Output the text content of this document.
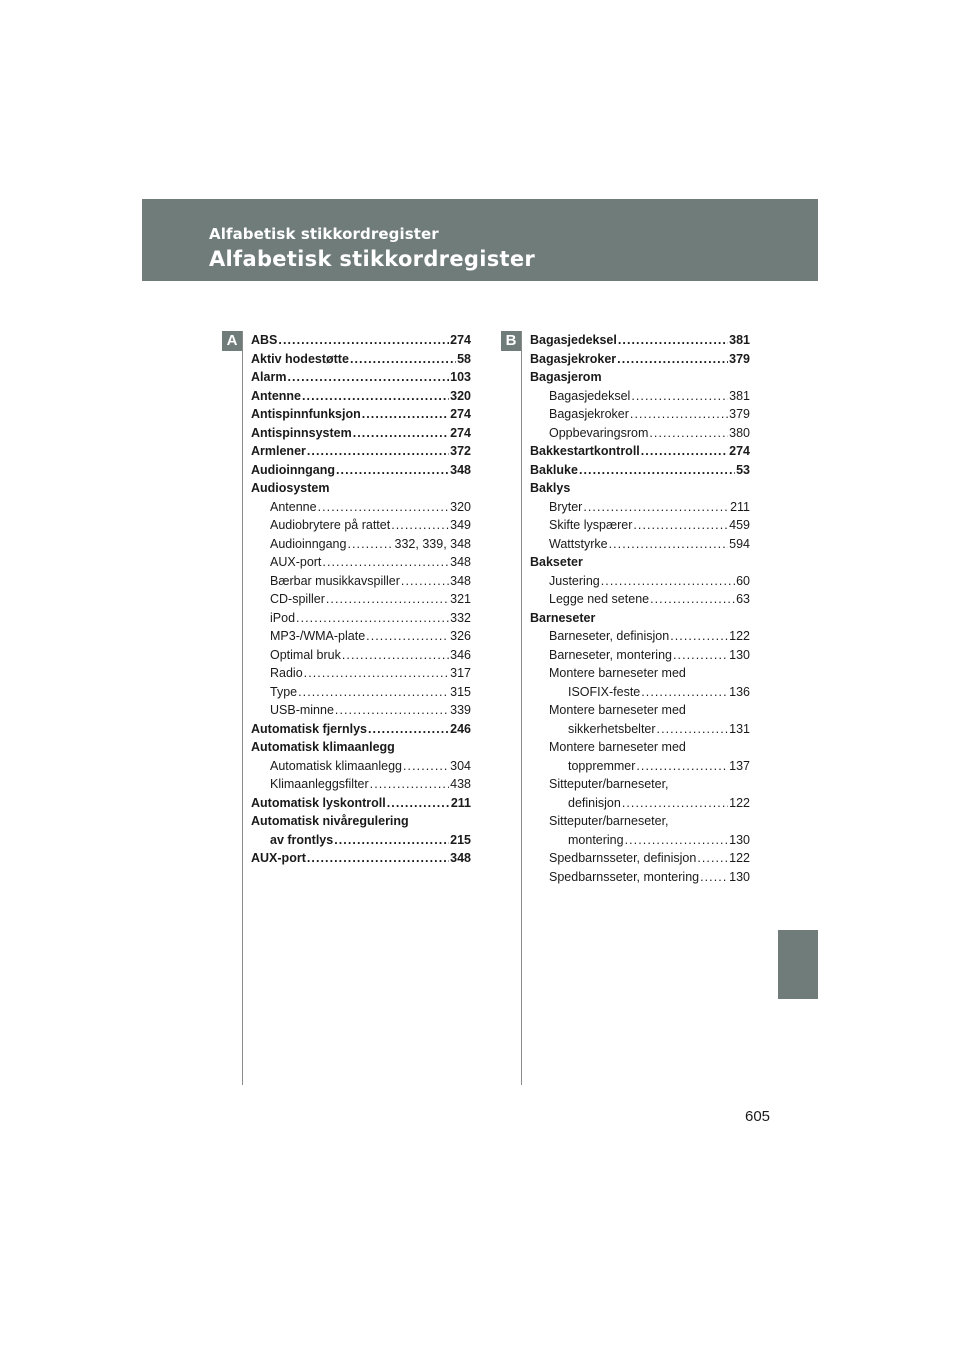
Alfabetisk stikkordregister
Alfabetisk stikkordregister
A	ABS . . .	274
Aktiv hodestøtte . . .	58
Alarm . . .	103
Antenne . . .	320
Antispinnfunksjon . . .	274
Antispinnsystem . . .	274
Armlener . . .	372
Audioinngang . . .	348
Audiosystem
Antenne . . .	320
Audiobrytere på rattet . . .	349
Audioinngang . . .	332, 339, 348
AUX-port . . .	348
Bærbar musikkavspiller . . .	348
CD-spiller . . .	321
iPod . . .	332
MP3-/WMA-plate . . .	326
Optimal bruk . . .	346
Radio . . .	317
Type . . .	315
USB-minne . . .	339
Automatisk fjernlys . . .	246
Automatisk klimaanlegg
Automatisk klimaanlegg . . .	304
Klimaanleggsfilter . . .	438
Automatisk lyskontroll . . .	211
Automatisk nivåregulering
av frontlys . . .	215
AUX-port . . .	348
B	Bagasjedeksel . . .	381
Bagasjekroker . . .	379
Bagasjerom
Bagasjedeksel . . .	381
Bagasjekroker . . .	379
Oppbevaringsrom . . .	380
Bakkestartkontroll . . .	274
Bakluke . . .	53
Baklys
Bryter . . .	211
Skifte lyspærer . . .	459
Wattstyrke . . .	594
Bakseter
Justering . . .	60
Legge ned setene . . .	63
Barneseter
Barneseter, definisjon . . .	122
Barneseter, montering . . .	130
Montere barneseter med
ISOFIX-feste . . .	136
Montere barneseter med
sikkerhetsbelter . . .	131
Montere barneseter med
toppremmer . . .	137
Sitteputer/barneseter,
definisjon . . .	122
Sitteputer/barneseter,
montering . . .	130
Spedbarnsseter, definisjon . . .	122
Spedbarnsseter, montering . . . 130
605
